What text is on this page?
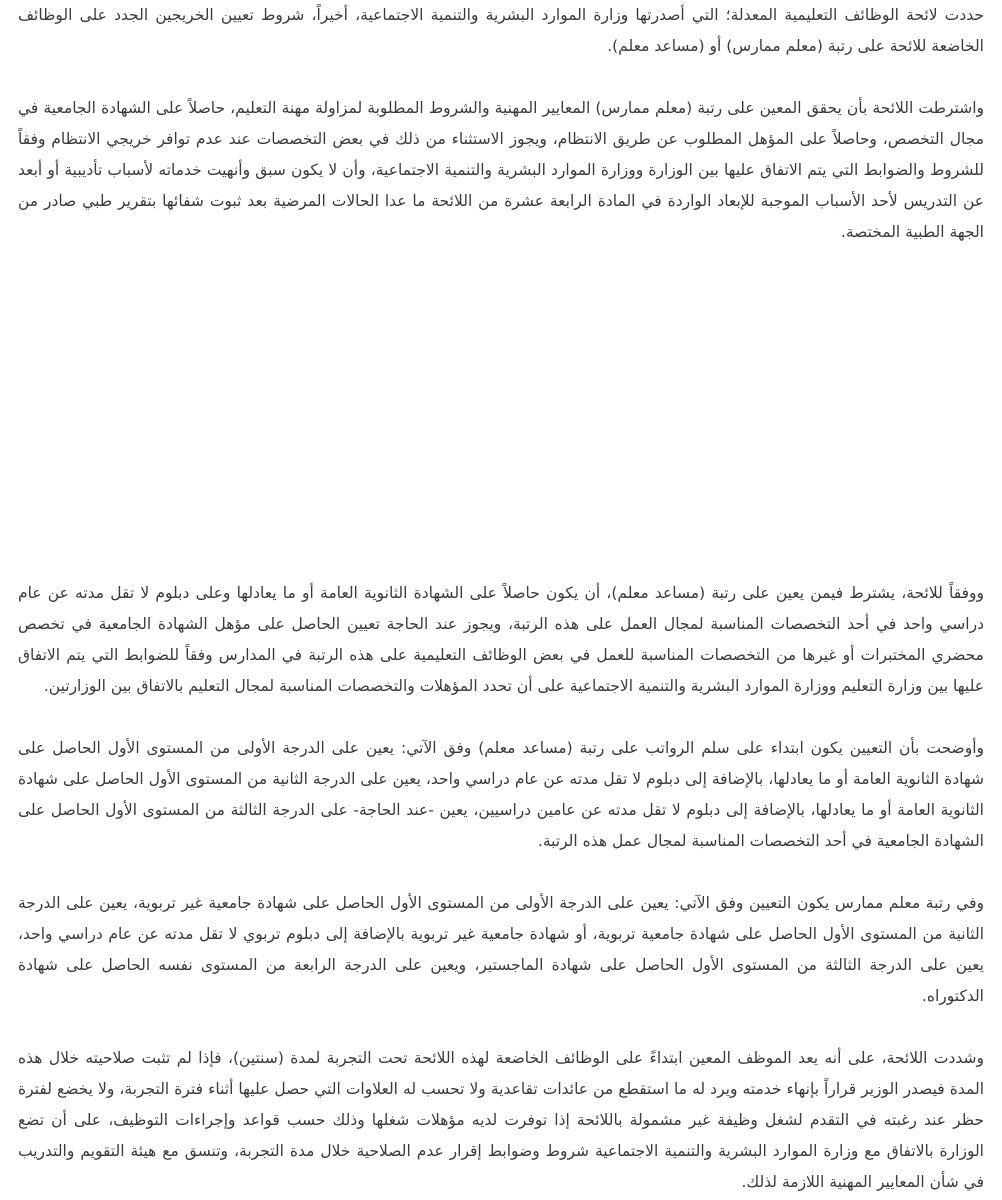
حددت لائحة الوظائف التعليمية المعدلة؛ التي أصدرتها وزارة الموارد البشرية والتنمية الاجتماعية، أخيراً، شروط تعيين الخريجين الجدد على الوظائف الخاضعة للائحة على رتبة (معلم ممارس) أو (مساعد معلم).

واشترطت اللائحة بأن يحقق المعين على رتبة (معلم ممارس) المعايير المهنية والشروط المطلوبة لمزاولة مهنة التعليم، حاصلاً على الشهادة الجامعية في مجال التخصص، وحاصلاً على المؤهل المطلوب عن طريق الانتظام، ويجوز الاستثناء من ذلك في بعض التخصصات عند عدم توافر خريجي الانتظام وفقاً للشروط والضوابط التي يتم الاتفاق عليها بين الوزارة ووزارة الموارد البشرية والتنمية الاجتماعية، وأن لا يكون سبق وأنهيت خدماته لأسباب تأديبية أو أبعد عن التدريس لأحد الأسباب الموجبة للإبعاد الواردة في المادة الرابعة عشرة من اللائحة ما عدا الحالات المرضية بعد ثبوت شفائها بتقرير طبي صادر من الجهة الطبية المختصة.

ووفقاً للائحة، يشترط فيمن يعين على رتبة (مساعد معلم)، أن يكون حاصلاً على الشهادة الثانوية العامة أو ما يعادلها وعلى دبلوم لا تقل مدته عن عام دراسي واحد في أحد التخصصات المناسبة لمجال العمل على هذه الرتبة، ويجوز عند الحاجة تعيين الحاصل على مؤهل الشهادة الجامعية في تخصص محضري المختبرات أو غيرها من التخصصات المناسبة للعمل في بعض الوظائف التعليمية على هذه الرتبة في المدارس وفقاً للضوابط التي يتم الاتفاق عليها بين وزارة التعليم ووزارة الموارد البشرية والتنمية الاجتماعية على أن تحدد المؤهلات والتخصصات المناسبة لمجال التعليم بالاتفاق بين الوزارتين.

وأوضحت بأن التعيين يكون ابتداء على سلم الرواتب على رتبة (مساعد معلم) وفق الآتي: يعين على الدرجة الأولى من المستوى الأول الحاصل على شهادة الثانوية العامة أو ما يعادلها، بالإضافة إلى دبلوم لا تقل مدته عن عام دراسي واحد، يعين على الدرجة الثانية من المستوى الأول الحاصل على شهادة الثانوية العامة أو ما يعادلها، بالإضافة إلى دبلوم لا تقل مدته عن عامين دراسيين، يعين -عند الحاجة- على الدرجة الثالثة من المستوى الأول الحاصل على الشهادة الجامعية في أحد التخصصات المناسبة لمجال عمل هذه الرتبة.

وفي رتبة معلم ممارس يكون التعيين وفق الآتي: يعين على الدرجة الأولى من المستوى الأول الحاصل على شهادة جامعية غير تربوية، يعين على الدرجة الثانية من المستوى الأول الحاصل على شهادة جامعية تربوية، أو شهادة جامعية غير تربوية بالإضافة إلى دبلوم تربوي لا تقل مدته عن عام دراسي واحد، يعين على الدرجة الثالثة من المستوى الأول الحاصل على شهادة الماجستير، ويعين على الدرجة الرابعة من المستوى نفسه الحاصل على شهادة الدكتوراه.

وشددت اللائحة، على أنه يعد الموظف المعين ابتداءً على الوظائف الخاضعة لهذه اللائحة تحت التجربة لمدة (سنتين)، فإذا لم تثبت صلاحيته خلال هذه المدة فيصدر الوزير قراراً بإنهاء خدمته ويرد له ما استقطع من عائدات تقاعدية ولا تحسب له العلاوات التي حصل عليها أثناء فترة التجربة، ولا يخضع لفترة حظر عند رغبته في التقدم لشغل وظيفة غير مشمولة باللائحة إذا توفرت لديه مؤهلات شغلها وذلك حسب قواعد وإجراءات التوظيف، على أن تضع الوزارة بالاتفاق مع وزارة الموارد البشرية والتنمية الاجتماعية شروط وضوابط إقرار عدم الصلاحية خلال مدة التجربة، وتنسق مع هيئة التقويم والتدريب في شأن المعايير المهنية اللازمة لذلك.
